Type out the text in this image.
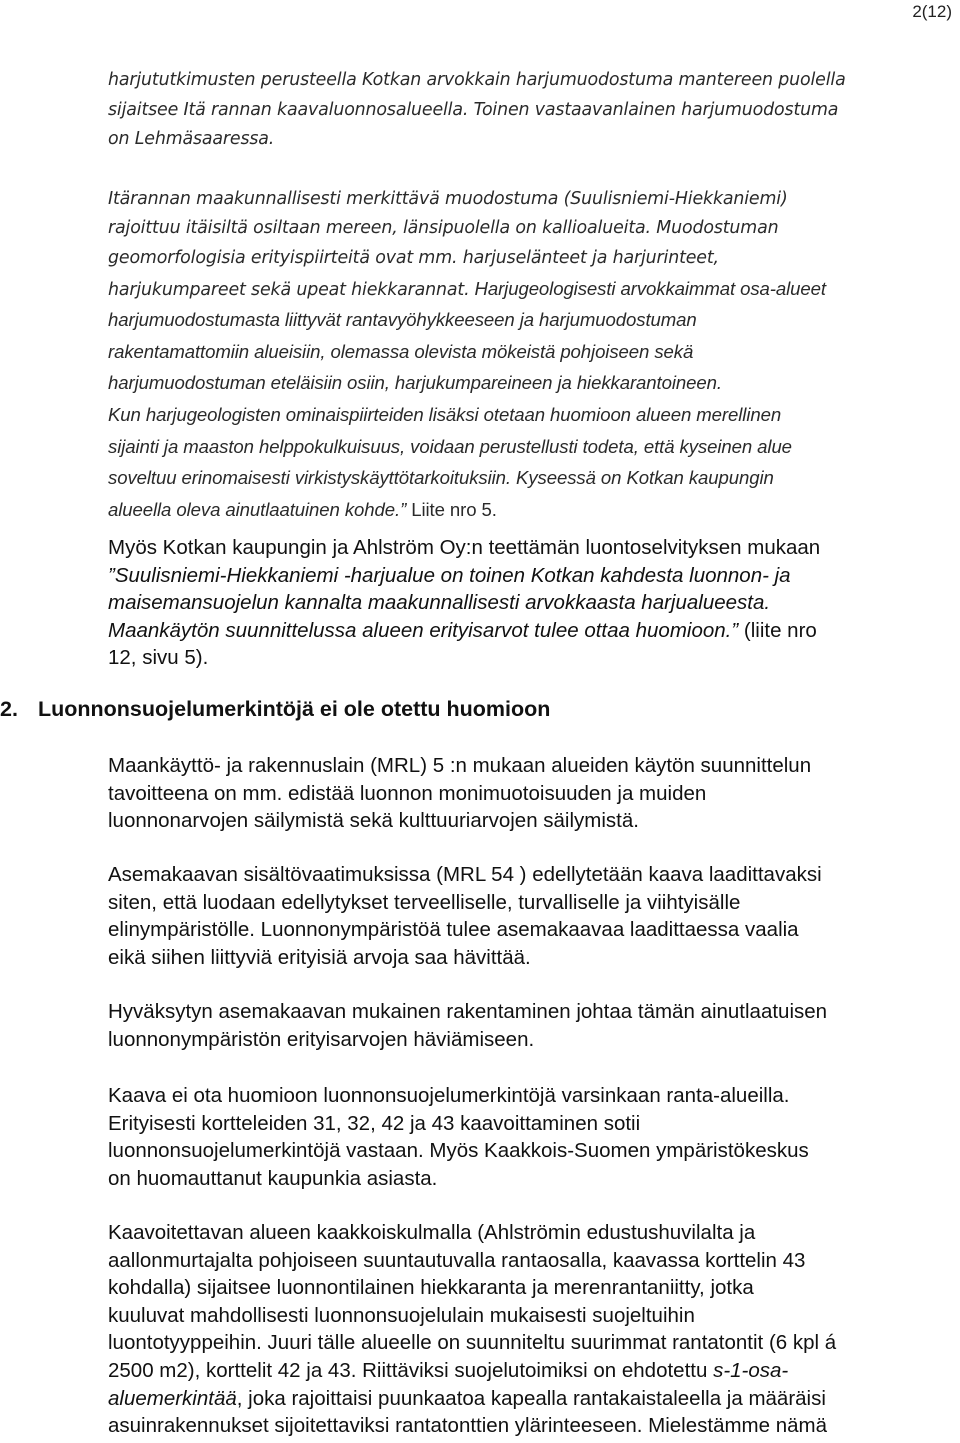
2(12)

harjututkimusten perusteella Kotkan arvokkain harjumuodostuma mantereen puolella
sijaitsee Itä rannan kaavaluonnosalueella. Toinen vastaavanlainen harjumuodostuma
on Lehmäsaaressa.

Itärannan maakunnallisesti merkittävä muodostuma (Suulisniemi-Hiekkaniemi)
rajoittuu itäisiltä osiltaan mereen, länsipuolella on kallioalueita. Muodostuman
geomorfologisia erityispiirteitä ovat mm. harjuselänteet ja harjurinteet,
harjukumpareet sekä upeat hiekkarannat. Harjugeologisesti arvokkaimmat osa-alueet
harjumuodostumasta liittyvät rantavyöhykkeeseen ja harjumuodostuman
rakentamattomiin alueisiin, olemassa olevista mökeistä pohjoiseen sekä
harjumuodostuman eteläisiin osiin, harjukumpareineen ja hiekkarantoineen.
Kun harjugeologisten ominaispiirteiden lisäksi otetaan huomioon alueen merellinen
sijainti ja maaston helppokulkuisuus, voidaan perustellusti todeta, että kyseinen alue
soveltuu erinomaisesti virkistyskäyttötarkoituksiin. Kyseessä on Kotkan kaupungin
alueella oleva ainutlaatuinen kohde.” Liite nro 5.

Myös Kotkan kaupungin ja Ahlström Oy:n teettämän luontoselvityksen mukaan
”Suulisniemi-Hiekkaniemi -harjualue on toinen Kotkan kahdesta luonnon- ja
maisemansuojelun kannalta maakunnallisesti arvokkaasta harjualueesta.
Maankäytön suunnittelussa alueen erityisarvot tulee ottaa huomioon.” (liite nro
12, sivu 5).

2. Luonnonsuojelumerkintöjä ei ole otettu huomioon

Maankäyttö- ja rakennuslain (MRL) 5 :n mukaan alueiden käytön suunnittelun
tavoitteena on mm. edistää luonnon monimuotoisuuden ja muiden
luonnonarvojen säilymistä sekä kulttuuriarvojen säilymistä.

Asemakaavan sisältövaatimuksissa (MRL 54 ) edellytetään kaava laadittavaksi
siten, että luodaan edellytykset terveelliselle, turvalliselle ja viihtyisälle
elinympäristölle. Luonnonympäristöä tulee asemakaavaa laadittaessa vaalia
eikä siihen liittyviä erityisiä arvoja saa hävittää.

Hyväksytyn asemakaavan mukainen rakentaminen johtaa tämän ainutlaatuisen
luonnonympäristön erityisarvojen häviämiseen.

Kaava ei ota huomioon luonnonsuojelumerkintöjä varsinkaan ranta-alueilla.
Erityisesti kortteleiden 31, 32, 42 ja 43 kaavoittaminen sotii
luonnonsuojelumerkintöjä vastaan. Myös Kaakkois-Suomen ympäristökeskus
on huomauttanut kaupunkia asiasta.

Kaavoitettavan alueen kaakkoiskulmalla (Ahlströmin edustushuvilalta ja
aallonmurtajalta pohjoiseen suuntautuvalla rantaosalla, kaavassa korttelin 43
kohdalla) sijaitsee luonnontilainen hiekkaranta ja merenrantaniitty, jotka
kuuluvat mahdollisesti luonnonsuojelulain mukaisesti suojeltuihin
luontotyyppeihin. Juuri tälle alueelle on suunniteltu suurimmat rantatontit (6 kpl á
2500 m2), korttelit 42 ja 43. Riittäviksi suojelutoimiksi on ehdotettu s-1-osa-
aluemerkintää, joka rajoittaisi puunkaatoa kapealla rantakaistaleella ja määräisi
asuinrakennukset sijoitettaviksi rantatonttien ylärinteeseen. Mielestämme nämä
